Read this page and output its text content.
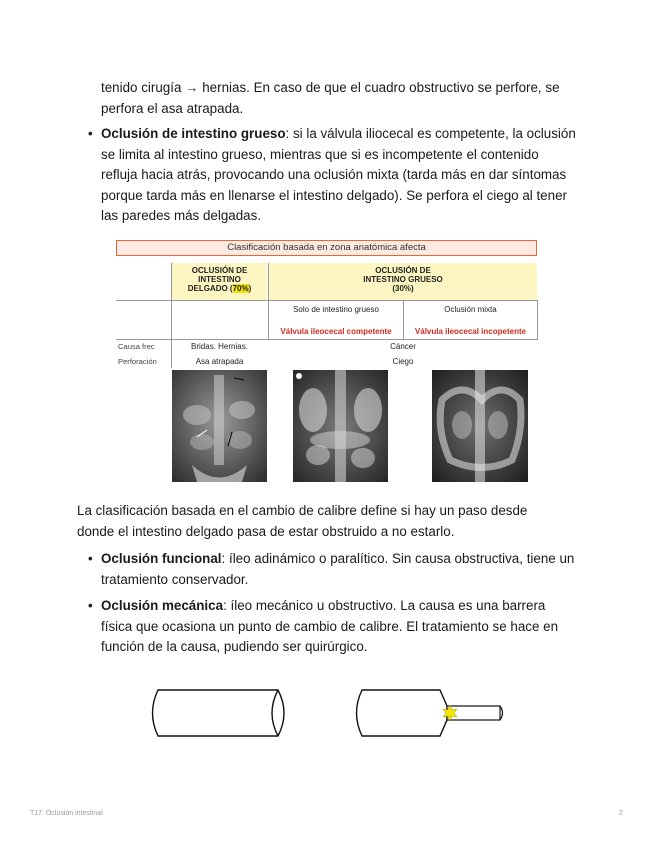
tenido cirugía → hernias. En caso de que el cuadro obstructivo se perfore, se
perfora el asa atrapada.
• Oclusión de intestino grueso: si la válvula iliocecal es competente, la oclusión
se limita al intestino grueso, mientras que si es incompetente el contenido
refluja hacia atrás, provocando una oclusión mixta (tarda más en dar síntomas
porque tarda más en llenarse el intestino delgado). Se perfora el ciego al tener
las paredes más delgadas.
Clasificación basada en zona anatómica afecta
OCLUSIÓN DE
INTESTINO
DELGADO (70%)
OCLUSIÓN DE
INTESTINO GRUESO
(30%)
Solo de intestino grueso	Oclusión mixta
Válvula ileocecal competente	Válvula ileocecal incopetente
Causa frec	Bridas. Hernias.	Cáncer
Perforación	Asa atrapada	Ciego
La clasificación basada en el cambio de calibre define si hay un paso desde
donde el intestino delgado pasa de estar obstruido a no estarlo.
• Oclusión funcional: íleo adinámico o paralítico. Sin causa obstructiva, tiene un
tratamiento conservador.
• Oclusión mecánica: íleo mecánico u obstructivo. La causa es una barrera
física que ocasiona un punto de cambio de calibre. El tratamiento se hace en
función de la causa, pudiendo ser quirúrgico.
T17. Oclusión intestinal	2
